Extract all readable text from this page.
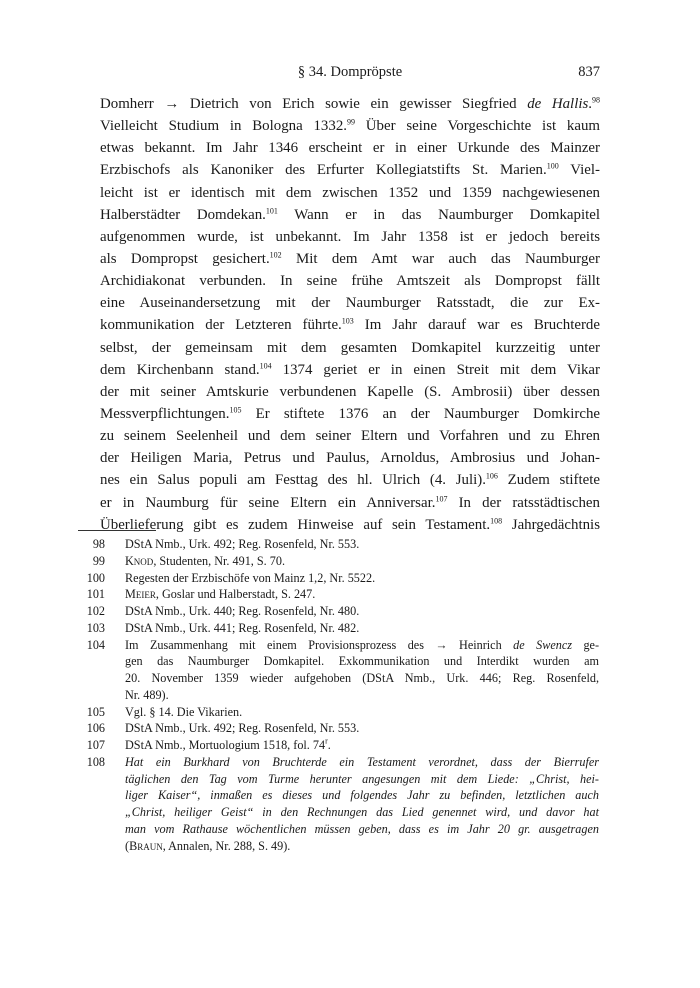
§ 34. Dompröpste	837
Domherr → Dietrich von Erich sowie ein gewisser Siegfried de Hallis.$^{98}$
Vielleicht Studium in Bologna 1332.99 Über seine Vorgeschichte ist kaum
etwas bekannt. Im Jahr 1346 erscheint er in einer Urkunde des Mainzer
Erzbischofs als Kanoniker des Erfurter Kollegiatstifts St. Marien.$^{100}$ Viel-
leicht ist er identisch mit dem zwischen 1352 und 1359 nachgewiesenen
Halberstädter Domdekan.$^{101}$ Wann er in das Naumburger Domkapitel
aufgenommen wurde, ist unbekannt. Im Jahr 1358 ist er jedoch bereits
als Dompropst gesichert.$^{102}$ Mit dem Amt war auch das Naumburger
Archidiakonat verbunden. In seine frühe Amtszeit als Dompropst fällt
eine Auseinandersetzung mit der Naumburger Ratsstadt, die zur Ex-
kommunikation der Letzteren führte.$^{103}$ Im Jahr darauf war es Bruchterde
selbst, der gemeinsam mit dem gesamten Domkapitel kurzzeitig unter
dem Kirchenbann stand.$^{104}$ 1374 geriet er in einen Streit mit dem Vikar
der mit seiner Amtskurie verbundenen Kapelle (S. Ambrosii) über dessen
Messverpflichtungen.$^{105}$ Er stiftete 1376 an der Naumburger Domkirche
zu seinem Seelenheil und dem seiner Eltern und Vorfahren und zu Ehren
der Heiligen Maria, Petrus und Paulus, Arnoldus, Ambrosius und Johan-
nes ein Salus populi am Festtag des hl. Ulrich (4. Juli).$^{106}$ Zudem stiftete
er in Naumburg für seine Eltern ein Anniversar.$^{107}$ In der ratsstädtischen
Überlieferung gibt es zudem Hinweise auf sein Testament.$^{108}$ Jahrgedächtnis
98 DStA Nmb., Urk. 492; Reg. Rosenfeld, Nr. 553.
99 Knod, Studenten, Nr. 491, S. 70.
100 Regesten der Erzbischöfe von Mainz 1,2, Nr. 5522.
101 Meier, Goslar und Halberstadt, S. 247.
102 DStA Nmb., Urk. 440; Reg. Rosenfeld, Nr. 480.
103 DStA Nmb., Urk. 441; Reg. Rosenfeld, Nr. 482.
104 Im Zusammenhang mit einem Provisionsprozess des → Heinrich de Swencz ge-
gen das Naumburger Domkapitel. Exkommunikation und Interdikt wurden am
20. November 1359 wieder aufgehoben (DStA Nmb., Urk. 446; Reg. Rosenfeld,
Nr. 489).
105 Vgl. § 14. Die Vikarien.
106 DStA Nmb., Urk. 492; Reg. Rosenfeld, Nr. 553.
107 DStA Nmb., Mortuologium 1518, fol. 74$^r$.
108 Hat ein Burkhard von Bruchterde ein Testament verordnet, dass der Bierrufer
täglichen den Tag vom Turme herunter angesungen mit dem Liede: „Christ, hei-
liger Kaiser“, inmaßen es dieses und folgendes Jahr zu befinden, letztlichen auch
„Christ, heiliger Geist“ in den Rechnungen das Lied genennet wird, und davor hat
man vom Rathause wöchentlichen müssen geben, dass es im Jahr 20 gr. ausgetragen
(Braun, Annalen, Nr. 288, S. 49).
